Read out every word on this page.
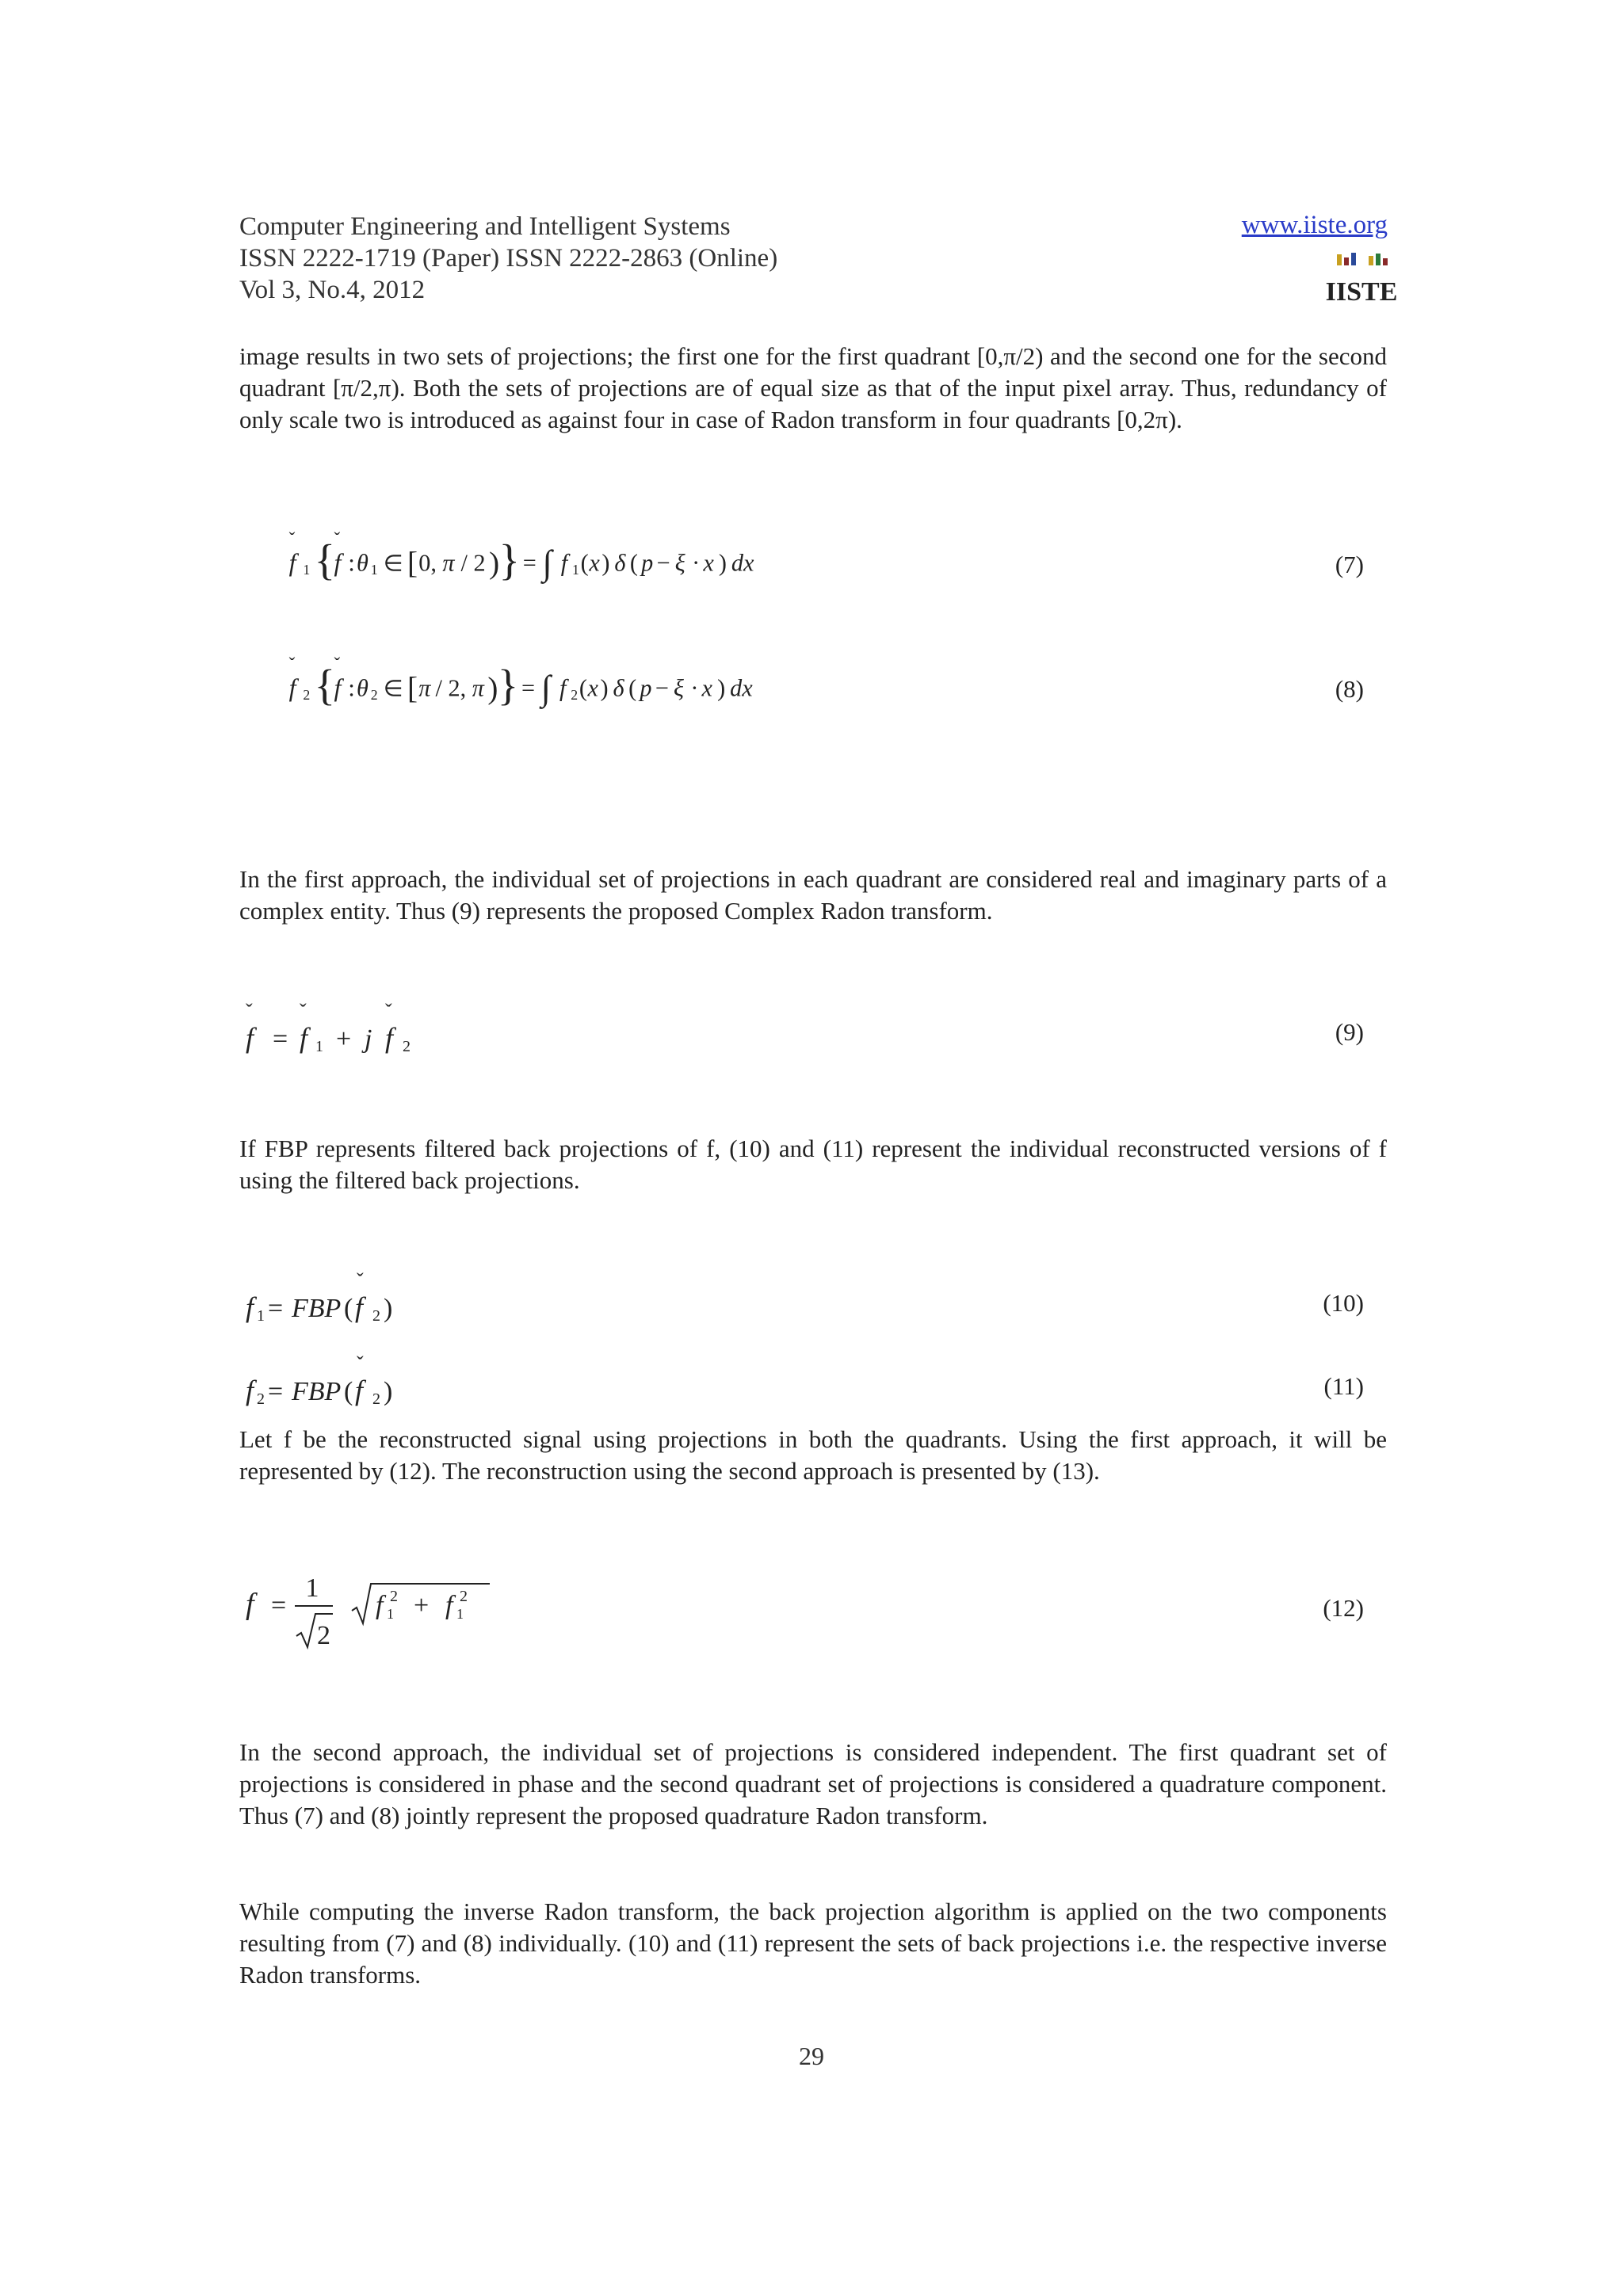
Computer Engineering and Intelligent Systems
ISSN 2222-1719 (Paper) ISSN 2222-2863 (Online)
Vol 3, No.4, 2012
www.iiste.org
IISTE

image results in two sets of projections; the first one for the first quadrant [0,π/2) and the second one for the second quadrant [π/2,π). Both the sets of projections are of equal size as that of the input pixel array. Thus, redundancy of only scale two is introduced as against four in case of Radon transform in four quadrants [0,2π).

ˇ
f 1 {
ˇ
f : θ 1 ∈ [ 0, π / 2 ) } = ∫ f 1 ( x ) δ ( p − ξ · x ) dx	(7)
ˇ
f 2 {
ˇ
f : θ 2 ∈ [ π / 2, π ) } = ∫ f 2 ( x ) δ ( p − ξ · x ) dx	(8)

In the first approach, the individual set of projections in each quadrant are considered real and imaginary parts of a complex entity. Thus (9) represents the proposed Complex Radon transform.

ˇ
f =
ˇ
f 1 + j
ˇ
f 2
(9)

If FBP represents filtered back projections of f, (10) and (11) represent the individual reconstructed versions of f using the filtered back projections.

f 1 = FBP (
ˇ
f 2 )	(10)
f 2 = FBP (
ˇ
f 2 )	(11)

Let f be the reconstructed signal using projections in both the quadrants. Using the first approach, it will be represented by (12). The reconstruction using the second approach is presented by (13).

f =
1
2
f 1
2 + f 1
2	(12)

In the second approach, the individual set of projections is considered independent. The first quadrant set of projections is considered in phase and the second quadrant set of projections is considered a quadrature component. Thus (7) and (8) jointly represent the proposed quadrature Radon transform.

While computing the inverse Radon transform, the back projection algorithm is applied on the two components resulting from (7) and (8) individually. (10) and (11) represent the sets of back projections i.e. the respective inverse Radon transforms.

29
